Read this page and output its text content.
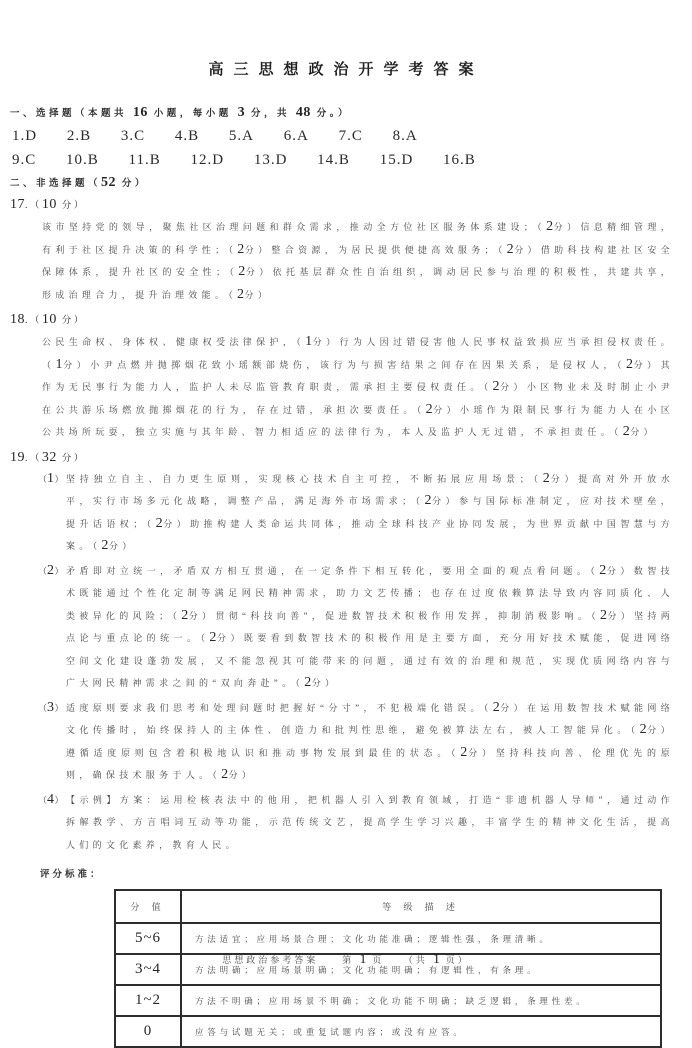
高三思想政治开学考答案
一、选择题（本题共 16 小题，每小题 3 分，共 48 分。）
1.D 2.B 3.C 4.B 5.A 6.A 7.C 8.A
9.C 10.B 11.B 12.D 13.D 14.B 15.D 16.B
二、非选择题（52 分）
17.（10 分）
该市坚持党的领导，聚焦社区治理问题和群众需求，推动全方位社区服务体系建设；（2分）信息精细管理，有利于社区提升决策的科学性；（2分）整合资源，为居民提供便捷高效服务；（2分）借助科技构建社区安全保障体系，提升社区的安全性；（2分）依托基层群众性自治组织，调动居民参与治理的积极性，共建共享，形成治理合力，提升治理效能。（2分）
18.（10 分）
公民生命权、身体权、健康权受法律保护，（1分）行为人因过错侵害他人民事权益致损应当承担侵权责任。（1分）小尹点燃并抛掷烟花致小瑶额部烧伤，该行为与损害结果之间存在因果关系，是侵权人，（2分）其作为无民事行为能力人，监护人未尽监管教育职责，需承担主要侵权责任。（2分）小区物业未及时制止小尹在公共游乐场燃放抛掷烟花的行为，存在过错，承担次要责任。（2分）小瑶作为限制民事行为能力人在小区公共场所玩耍，独立实施与其年龄、智力相适应的法律行为，本人及监护人无过错，不承担责任。（2分）
19.（32 分）
（1） 坚持独立自主、自力更生原则，实现核心技术自主可控，不断拓展应用场景；（2分）提高对外开放水平，实行市场多元化战略，调整产品，满足海外市场需求；（2分）参与国际标准制定，应对技术壁垒，提升话语权；（2分）助推构建人类命运共同体，推动全球科技产业协同发展，为世界贡献中国智慧与方案。（2分）
（2） 矛盾即对立统一，矛盾双方相互贯通，在一定条件下相互转化，要用全面的观点看问题。（2分）数智技术既能通过个性化定制等满足网民精神需求，助力文艺传播；也存在过度依赖算法导致内容同质化、人类被异化的风险；（2分）贯彻“科技向善”，促进数智技术积极作用发挥，抑制消极影响。（2分）坚持两点论与重点论的统一。（2分）既要看到数智技术的积极作用是主要方面，充分用好技术赋能，促进网络空间文化建设蓬勃发展，又不能忽视其可能带来的问题，通过有效的治理和规范，实现优质网络内容与广大网民精神需求之间的“双向奔赴”。（2分）
（3） 适度原则要求我们思考和处理问题时把握好“分寸”，不犯极端化错误。（2分）在运用数智技术赋能网络文化传播时，始终保持人的主体性、创造力和批判性思维，避免被算法左右，被人工智能异化。（2分）遵循适度原则包含着积极地认识和推动事物发展到最佳的状态。（2分）坚持科技向善、伦理优先的原则，确保技术服务于人。（2分）
（4） 【示例】方案：运用检核表法中的他用，把机器人引入到教育领域，打造“非遗机器人导师”，通过动作拆解教学、方言唱词互动等功能，示范传统文艺，提高学生学习兴趣，丰富学生的精神文化生活，提高人们的文化素养，教育人民。
评分标准：
分 值	等 级 描 述
5~6	方法适宜；应用场景合理；文化功能准确；逻辑性强，条理清晰。
3~4	方法明确；应用场景明确；文化功能明确；有逻辑性，有条理。
1~2	方法不明确；应用场景不明确；文化功能不明确；缺乏逻辑，条理性差。
0	应答与试题无关；或重复试题内容；或没有应答。
思想政治参考答案　　第 1 页　　（共 1 页）
